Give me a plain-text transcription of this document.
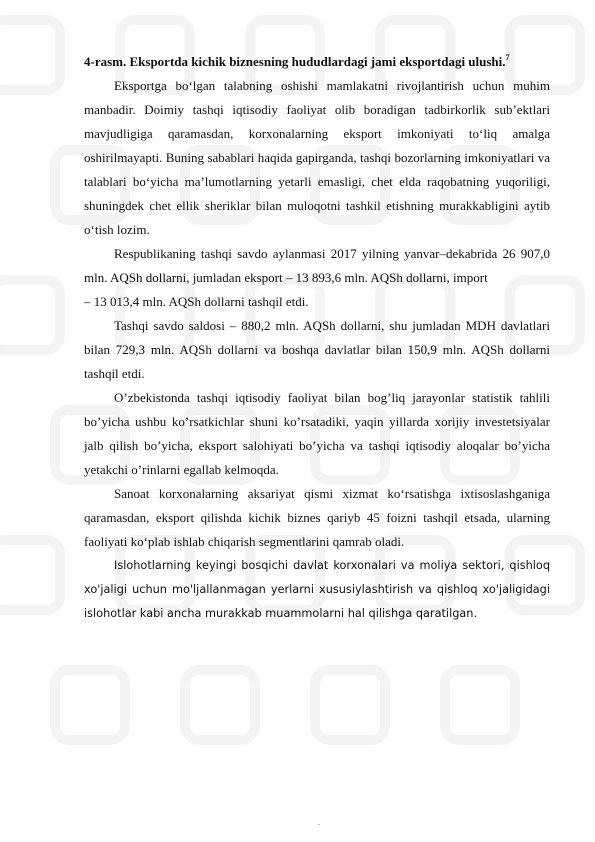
4-rasm. Eksportda kichik biznesning hududlardagi jami eksportdagi ulushi.$^7$

Eksportga bo‘lgan talabning oshishi mamlakatni rivojlantirish uchun muhim manbadir. Doimiy tashqi iqtisodiy faoliyat olib boradigan tadbirkorlik sub’ektlari mavjudligiga qaramasdan, korxonalarning eksport imkoniyati to‘liq amalga oshirilmayapti. Buning sabablari haqida gapirganda, tashqi bozorlarning imkoniyatlari va talablari bo‘yicha ma’lumotlarning yetarli emasligi, chet elda raqobatning yuqoriligi, shuningdek chet ellik sheriklar bilan muloqotni tashkil etishning murakkabligini aytib o‘tish lozim.

Respublikaning tashqi savdo aylanmasi 2017 yilning yanvar–dekabrida 26 907,0 mln. AQSh dollarni, jumladan eksport – 13 893,6 mln. AQSh dollarni, import

– 13 013,4 mln. AQSh dollarni tashqil etdi.

Tashqi savdo saldosi – 880,2 mln. AQSh dollarni, shu jumladan MDH davlatlari bilan 729,3 mln. AQSh dollarni va boshqa davlatlar bilan 150,9 mln. AQSh dollarni tashqil etdi.

O’zbekistonda tashqi iqtisodiy faoliyat bilan bog’liq jarayonlar statistik tahlili bo’yicha ushbu ko’rsatkichlar shuni ko’rsatadiki, yaqin yillarda xorijiy investetsiyalar jalb qilish bo’yicha, eksport salohiyati bo’yicha va tashqi iqtisodiy aloqalar bo’yicha yetakchi o’rinlarni egallab kelmoqda.

Sanoat korxonalarning aksariyat qismi xizmat ko‘rsatishga ixtisoslashganiga qaramasdan, eksport qilishda kichik biznes qariyb 45 foizni tashqil etsada, ularning faoliyati ko‘plab ishlab chiqarish segmentlarini qamrab oladi.

Islohotlarning keyingi bosqichi davlat korxonalari va moliya sektori, qishloq xo'jaligi uchun mo'ljallanmagan yerlarni xususiylashtirish va qishloq xo'jaligidagi islohotlar kabi ancha murakkab muammolarni hal qilishga qaratilgan.

.
